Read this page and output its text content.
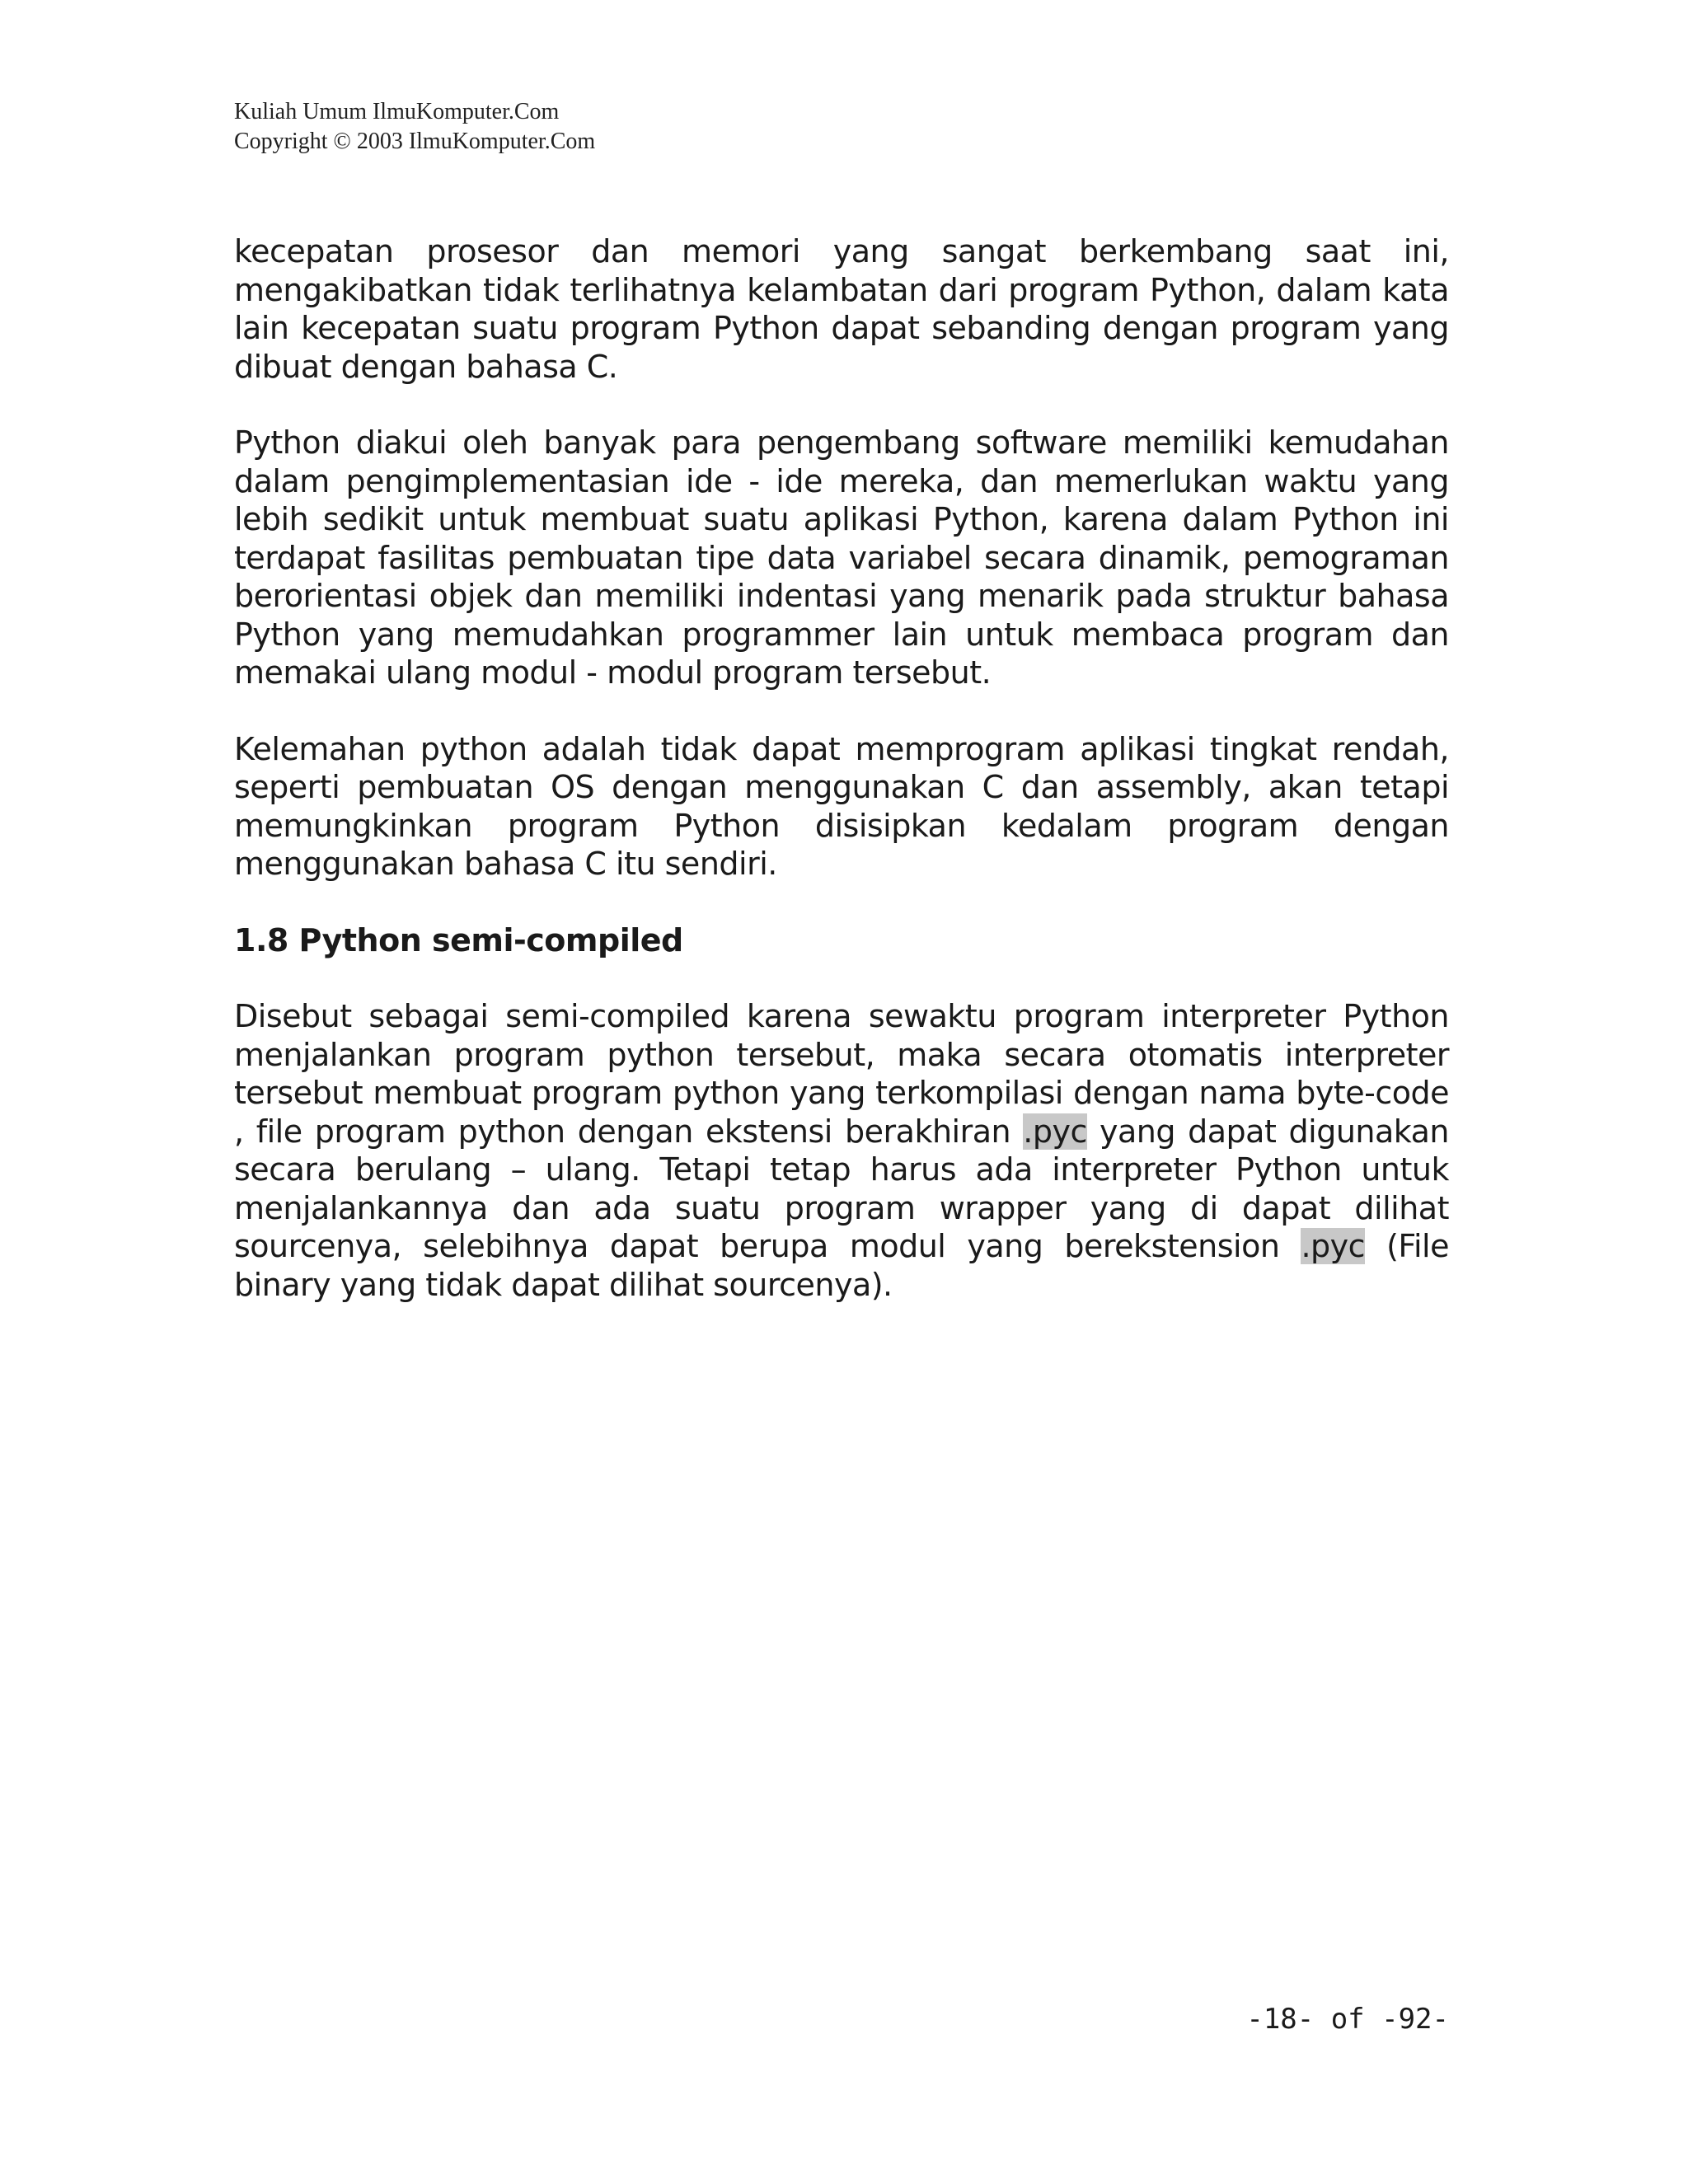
Kuliah Umum IlmuKomputer.Com
Copyright © 2003 IlmuKomputer.Com

kecepatan prosesor dan memori yang sangat berkembang saat ini, mengakibatkan tidak terlihatnya kelambatan dari program Python, dalam kata lain kecepatan suatu program Python dapat sebanding dengan program yang dibuat dengan bahasa C.

Python diakui oleh banyak para pengembang software memiliki kemudahan dalam pengimplementasian ide - ide mereka, dan memerlukan waktu yang lebih sedikit untuk membuat suatu aplikasi Python, karena dalam Python ini terdapat fasilitas pembuatan tipe data variabel secara dinamik, pemograman berorientasi objek dan memiliki indentasi yang menarik pada struktur bahasa Python yang memudahkan programmer lain untuk membaca program dan memakai ulang modul - modul program tersebut.

Kelemahan python adalah tidak dapat memprogram aplikasi tingkat rendah, seperti pembuatan OS dengan menggunakan C dan assembly, akan tetapi memungkinkan program Python disisipkan kedalam program dengan menggunakan bahasa C itu sendiri.

1.8 Python semi-compiled

Disebut sebagai semi-compiled karena sewaktu program interpreter Python menjalankan program python tersebut, maka secara otomatis interpreter tersebut membuat program python yang terkompilasi dengan nama byte-code , file program python dengan ekstensi berakhiran .pyc yang dapat digunakan secara berulang – ulang. Tetapi tetap harus ada interpreter Python untuk menjalankannya dan ada suatu program wrapper yang di dapat dilihat sourcenya, selebihnya dapat berupa modul yang berekstension .pyc (File binary yang tidak dapat dilihat sourcenya).

-18- of -92-
